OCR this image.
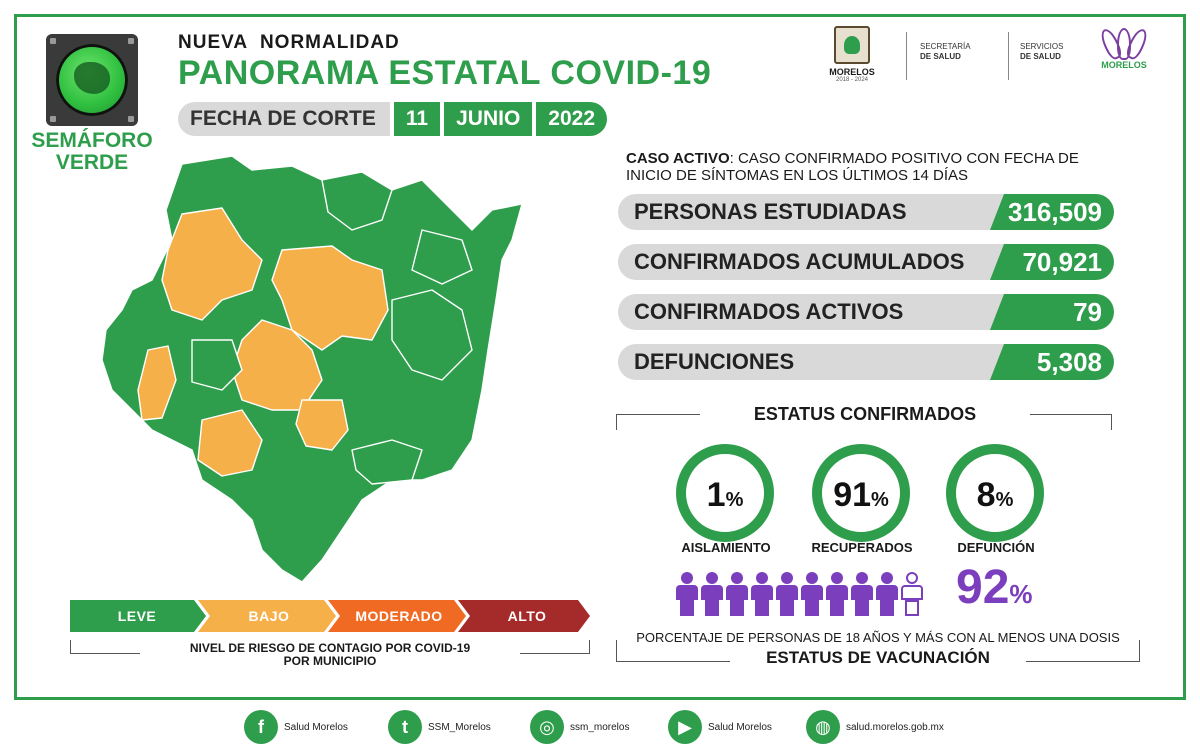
SEMÁFORO
VERDE
NUEVA  NORMALIDAD
PANORAMA ESTATAL COVID-19
FECHA DE CORTE	11	JUNIO	2022
MORELOS
2018 - 2024
SECRETARÍA
DE SALUD
SERVICIOS
DE SALUD
MORELOS
LEVE	BAJO	MODERADO	ALTO
NIVEL DE RIESGO DE CONTAGIO POR COVID-19
POR MUNICIPIO
CASO ACTIVO: CASO CONFIRMADO POSITIVO CON FECHA DE INICIO DE SÍNTOMAS EN LOS ÚLTIMOS 14 DÍAS
PERSONAS ESTUDIADAS	316,509
CONFIRMADOS ACUMULADOS	70,921
CONFIRMADOS ACTIVOS	79
DEFUNCIONES	5,308
ESTATUS CONFIRMADOS
1%
AISLAMIENTO
91%
RECUPERADOS
8%
DEFUNCIÓN
92%
PORCENTAJE DE PERSONAS DE 18 AÑOS Y MÁS CON AL MENOS UNA DOSIS
ESTATUS DE VACUNACIÓN
f	Salud Morelos	t	SSM_Morelos	◎	ssm_morelos	▶	Salud Morelos	◍	salud.morelos.gob.mx
